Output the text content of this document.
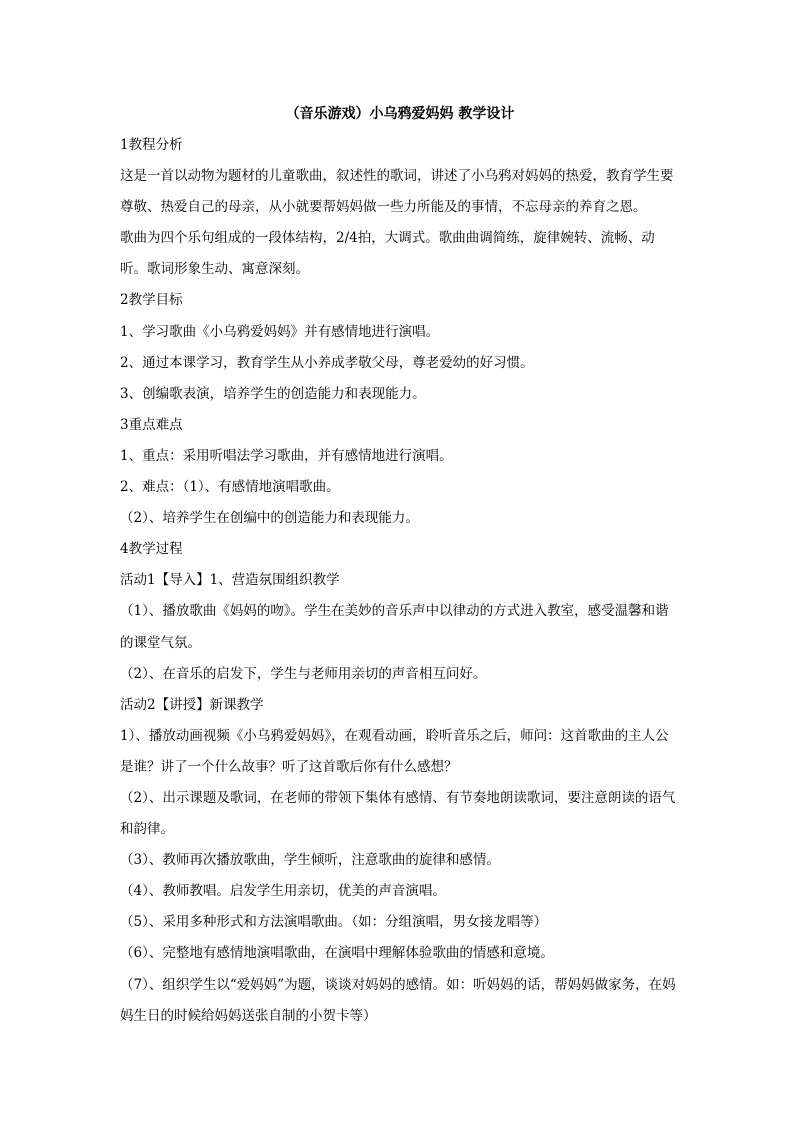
（音乐游戏）小乌鸦爱妈妈 教学设计
1教程分析

这是一首以动物为题材的儿童歌曲，叙述性的歌词，讲述了小乌鸦对妈妈的热爱，教育学生要尊敬、热爱自己的母亲，从小就要帮妈妈做一些力所能及的事情，不忘母亲的养育之恩。

歌曲为四个乐句组成的一段体结构，2/4拍，大调式。歌曲曲调简练，旋律婉转、流畅、动听。歌词形象生动、寓意深刻。

2教学目标
1、学习歌曲《小乌鸦爱妈妈》并有感情地进行演唱。
2、通过本课学习，教育学生从小养成孝敬父母，尊老爱幼的好习惯。
3、创编歌表演，培养学生的创造能力和表现能力。
3重点难点
1、重点：采用听唱法学习歌曲，并有感情地进行演唱。
2、难点：（1）、有感情地演唱歌曲。
（2）、培养学生在创编中的创造能力和表现能力。
4教学过程
活动1【导入】1、营造氛围组织教学

（1）、播放歌曲《妈妈的吻》。学生在美妙的音乐声中以律动的方式进入教室，感受温馨和谐的课堂气氛。

（2）、在音乐的启发下，学生与老师用亲切的声音相互问好。
活动2【讲授】新课教学

1）、播放动画视频《小乌鸦爱妈妈》，在观看动画，聆听音乐之后，师问：这首歌曲的主人公是谁？讲了一个什么故事？听了这首歌后你有什么感想？

（2）、出示课题及歌词，在老师的带领下集体有感情、有节奏地朗读歌词，要注意朗读的语气和韵律。

（3）、教师再次播放歌曲，学生倾听，注意歌曲的旋律和感情。
（4）、教师教唱。启发学生用亲切，优美的声音演唱。
（5）、采用多种形式和方法演唱歌曲。（如：分组演唱，男女接龙唱等）
（6）、完整地有感情地演唱歌曲，在演唱中理解体验歌曲的情感和意境。

（7）、组织学生以“爱妈妈”为题，谈谈对妈妈的感情。如：听妈妈的话，帮妈妈做家务，在妈妈生日的时候给妈妈送张自制的小贺卡等）
